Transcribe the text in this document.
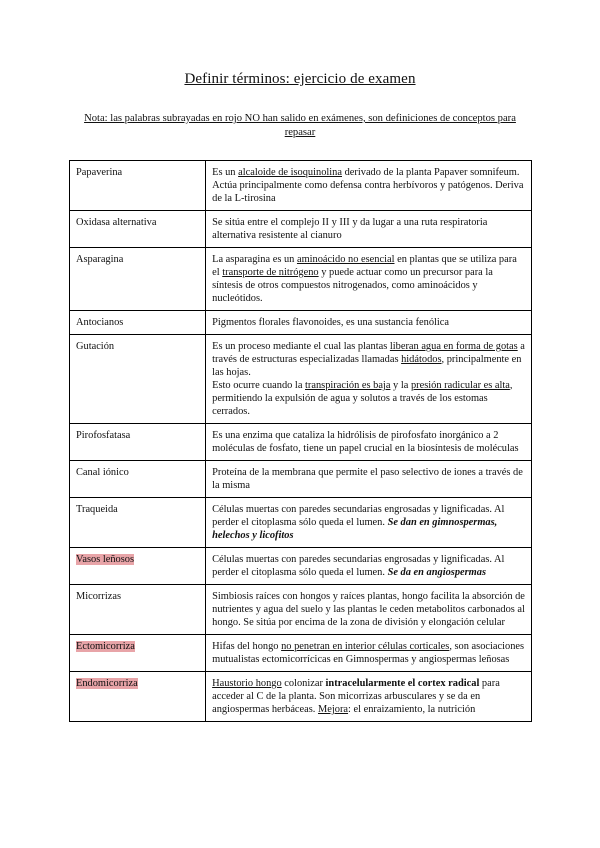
Definir términos: ejercicio de examen
Nota: las palabras subrayadas en rojo NO han salido en exámenes, son definiciones de conceptos para repasar
Papaverina	Es un alcaloide de isoquinolina derivado de la planta Papaver somnifeum. Actúa principalmente como defensa contra herbívoros y patógenos. Deriva de la L-tirosina
Oxidasa alternativa	Se sitúa entre el complejo II y III y da lugar a una ruta respiratoria alternativa resistente al cianuro
Asparagina	La asparagina es un aminoácido no esencial en plantas que se utiliza para el transporte de nitrógeno y puede actuar como un precursor para la síntesis de otros compuestos nitrogenados, como aminoácidos y nucleótidos.
Antocianos	Pigmentos florales flavonoides, es una sustancia fenólica
Gutación	Es un proceso mediante el cual las plantas liberan agua en forma de gotas a través de estructuras especializadas llamadas hidátodos, principalmente en las hojas.
Esto ocurre cuando la transpiración es baja y la presión radicular es alta, permitiendo la expulsión de agua y solutos a través de los estomas cerrados.
Pirofosfatasa	Es una enzima que cataliza la hidrólisis de pirofosfato inorgánico a 2 moléculas de fosfato, tiene un papel crucial en la biosíntesis de moléculas
Canal iónico	Proteína de la membrana que permite el paso selectivo de iones a través de la misma
Traqueida	Células muertas con paredes secundarias engrosadas y lignificadas. Al perder el citoplasma sólo queda el lumen. Se dan en gimnospermas, helechos y licofitos
Vasos leñosos	Células muertas con paredes secundarias engrosadas y lignificadas. Al perder el citoplasma sólo queda el lumen. Se da en angiospermas
Micorrizas	Simbiosis raíces con hongos y raíces plantas, hongo facilita la absorción de nutrientes y agua del suelo y las plantas le ceden metabolitos carbonados al hongo. Se sitúa por encima de la zona de división y elongación celular
Ectomicorriza	Hifas del hongo no penetran en interior células corticales, son asociaciones mutualistas ectomicorrícicas en Gimnospermas y angiospermas leñosas
Endomicorriza	Haustorio hongo colonizar intracelularmente el cortex radical para acceder al C de la planta. Son micorrizas arbusculares y se da en angiospermas herbáceas. Mejora: el enraizamiento, la nutrición
